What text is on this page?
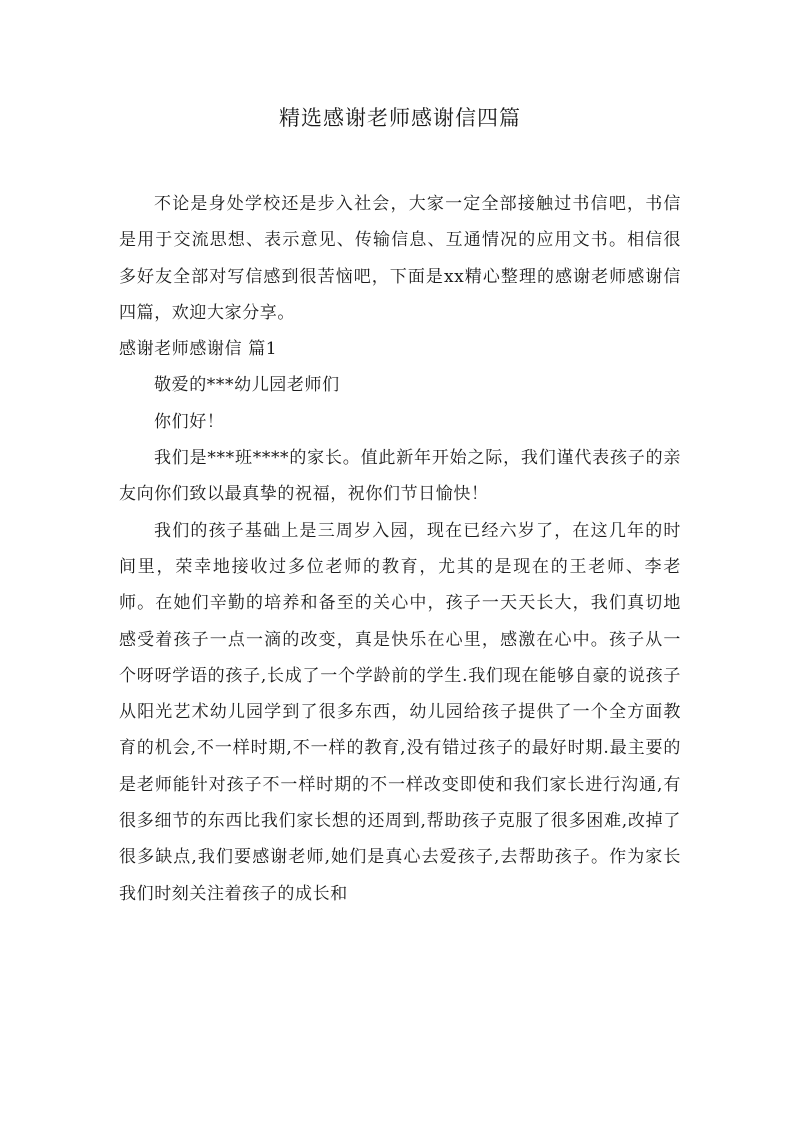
精选感谢老师感谢信四篇

不论是身处学校还是步入社会，大家一定全部接触过书信吧，书信是用于交流思想、表示意见、传输信息、互通情况的应用文书。相信很多好友全部对写信感到很苦恼吧，下面是xx精心整理的感谢老师感谢信四篇，欢迎大家分享。

感谢老师感谢信 篇1

敬爱的***幼儿园老师们

你们好！

我们是***班****的家长。值此新年开始之际，我们谨代表孩子的亲友向你们致以最真挚的祝福，祝你们节日愉快！

我们的孩子基础上是三周岁入园，现在已经六岁了，在这几年的时间里，荣幸地接收过多位老师的教育，尤其的是现在的王老师、李老师。在她们辛勤的培养和备至的关心中，孩子一天天长大，我们真切地感受着孩子一点一滴的改变，真是快乐在心里，感激在心中。孩子从一个呀呀学语的孩子,长成了一个学龄前的学生.我们现在能够自豪的说孩子从阳光艺术幼儿园学到了很多东西，幼儿园给孩子提供了一个全方面教育的机会,不一样时期,不一样的教育,没有错过孩子的最好时期.最主要的是老师能针对孩子不一样时期的不一样改变即使和我们家长进行沟通,有很多细节的东西比我们家长想的还周到,帮助孩子克服了很多困难,改掉了很多缺点,我们要感谢老师,她们是真心去爱孩子,去帮助孩子。作为家长我们时刻关注着孩子的成长和
